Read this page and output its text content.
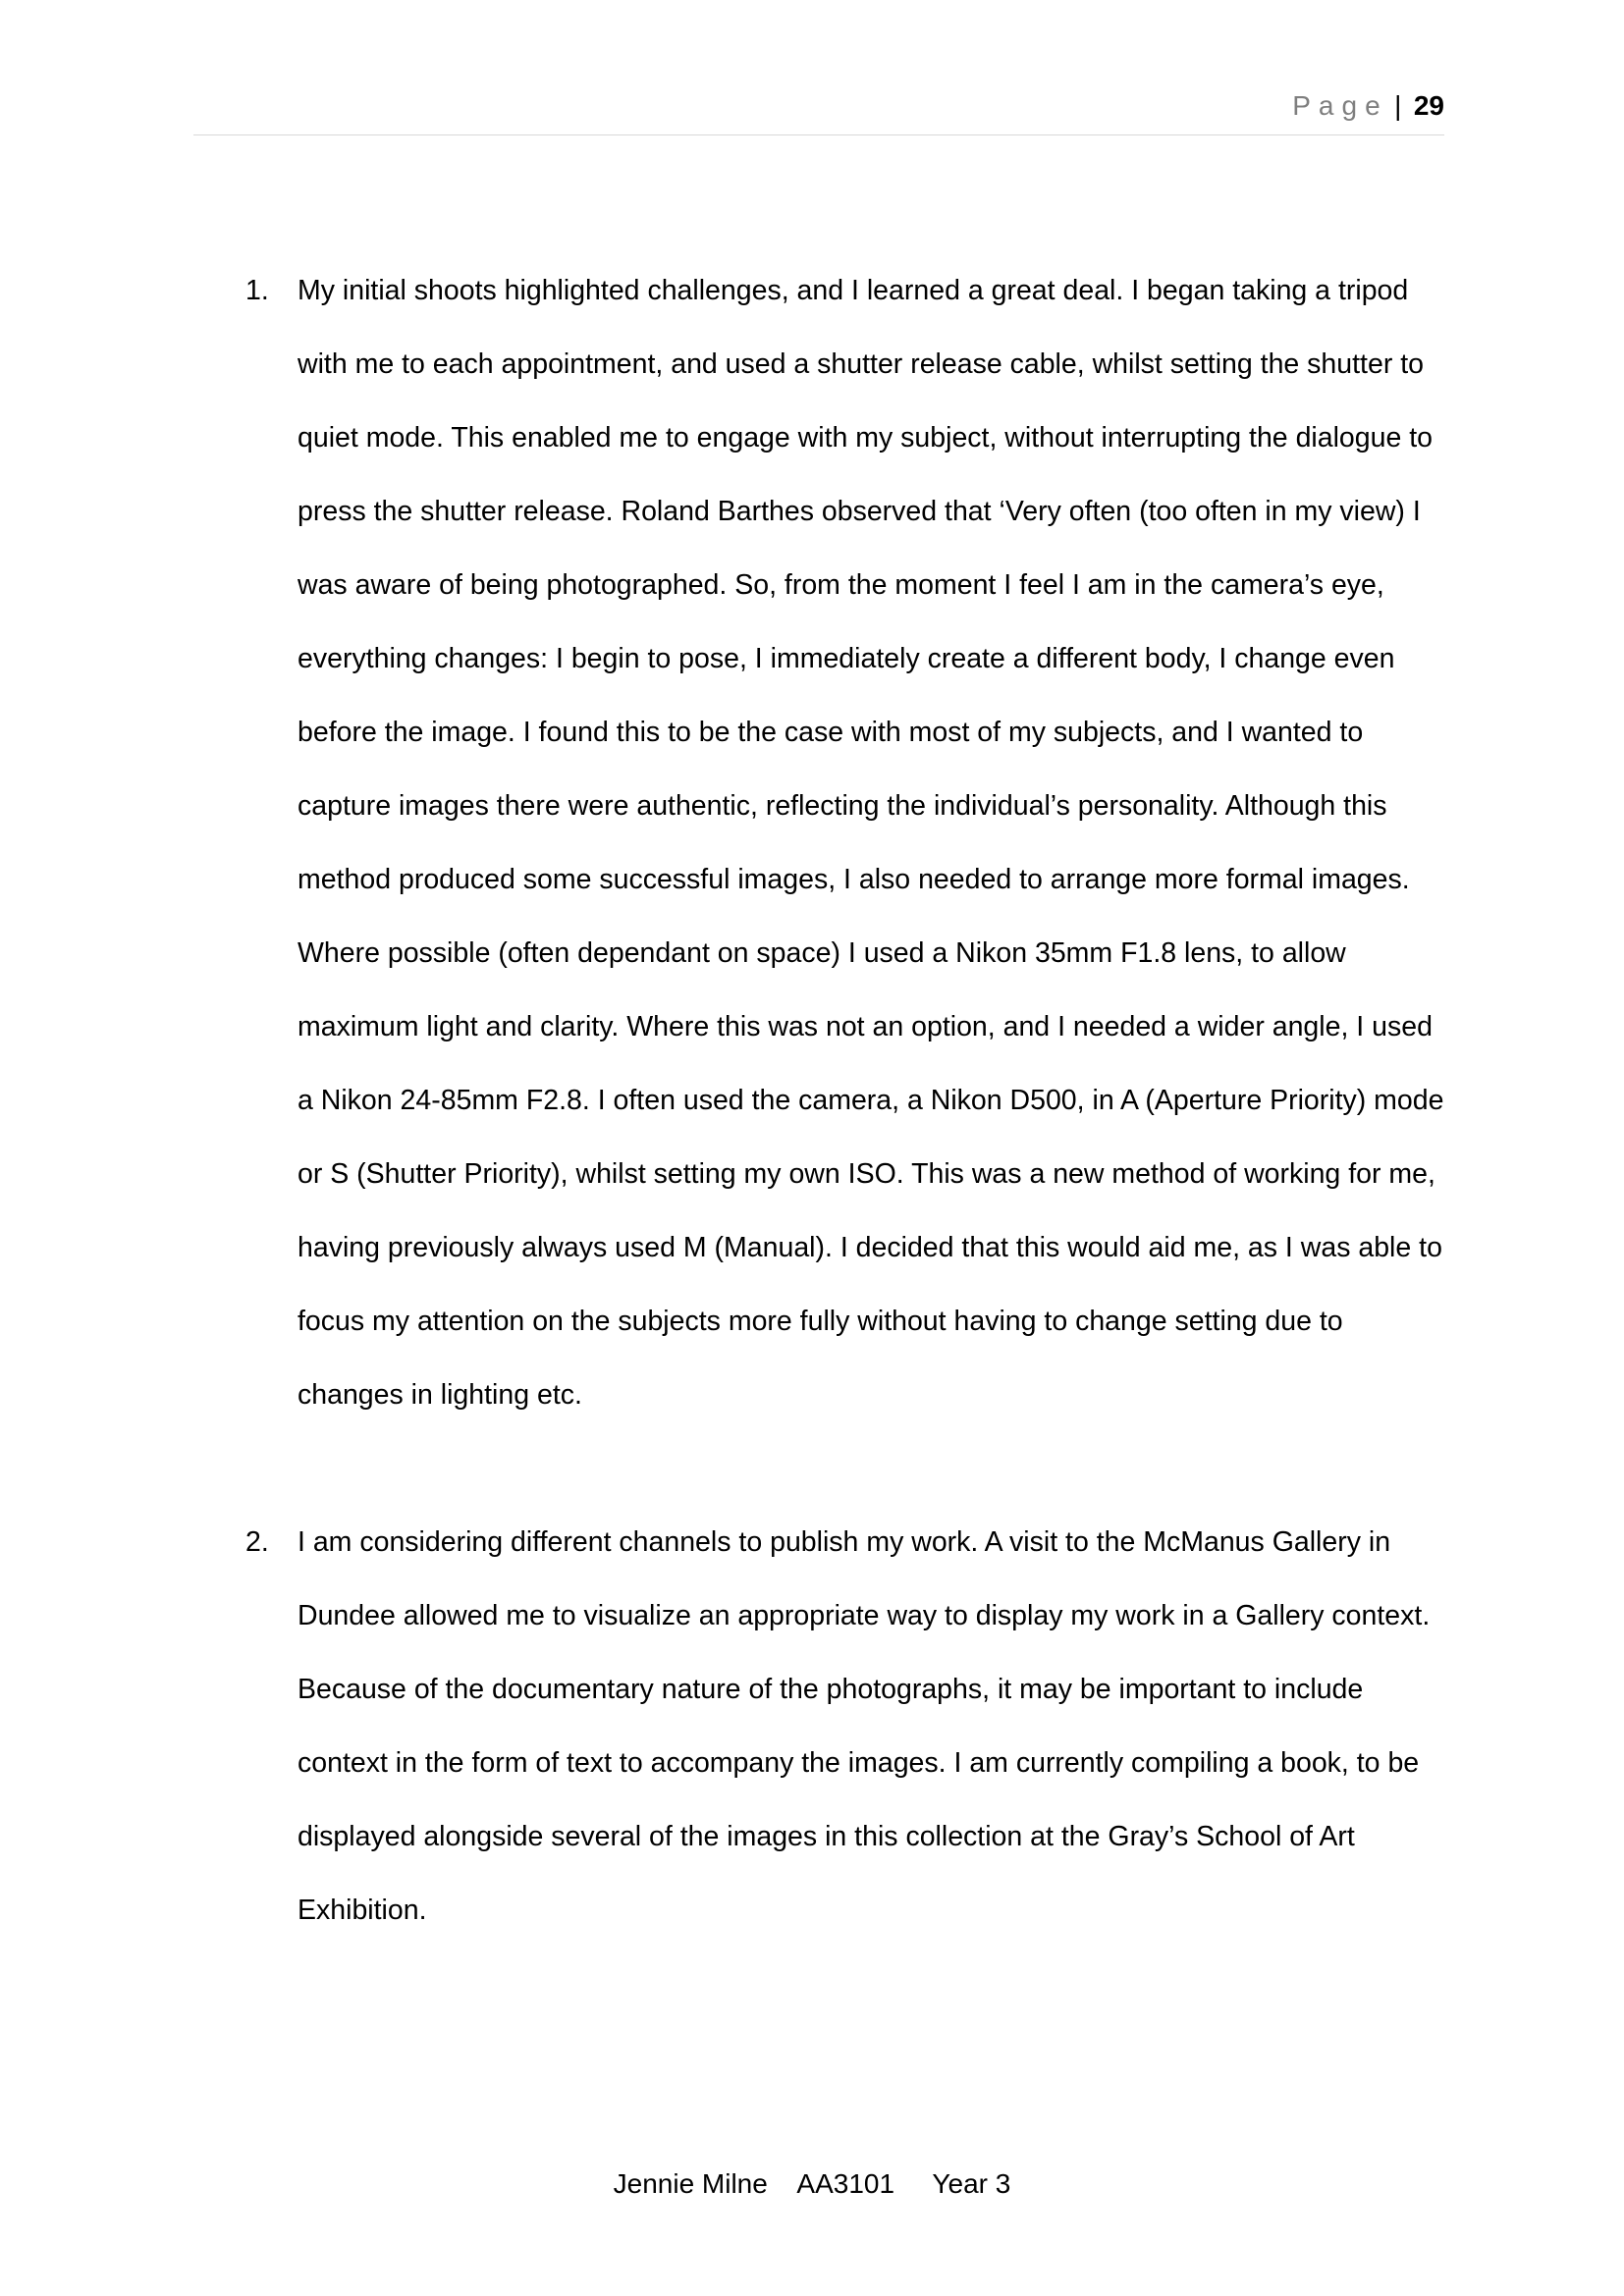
Page | 29
1. My initial shoots highlighted challenges, and I learned a great deal. I began taking a tripod with me to each appointment, and used a shutter release cable, whilst setting the shutter to quiet mode. This enabled me to engage with my subject, without interrupting the dialogue to press the shutter release. Roland Barthes observed that ‘Very often (too often in my view) I was aware of being photographed. So, from the moment I feel I am in the camera’s eye, everything changes: I begin to pose, I immediately create a different body, I change even before the image. I found this to be the case with most of my subjects, and I wanted to capture images there were authentic, reflecting the individual’s personality. Although this method produced some successful images, I also needed to arrange more formal images. Where possible (often dependant on space) I used a Nikon 35mm F1.8 lens, to allow maximum light and clarity. Where this was not an option, and I needed a wider angle, I used a Nikon 24-85mm F2.8. I often used the camera, a Nikon D500, in A (Aperture Priority) mode or S (Shutter Priority), whilst setting my own ISO. This was a new method of working for me, having previously always used M (Manual). I decided that this would aid me, as I was able to focus my attention on the subjects more fully without having to change setting due to changes in lighting etc.
2. I am considering different channels to publish my work. A visit to the McManus Gallery in Dundee allowed me to visualize an appropriate way to display my work in a Gallery context. Because of the documentary nature of the photographs, it may be important to include context in the form of text to accompany the images. I am currently compiling a book, to be displayed alongside several of the images in this collection at the Gray’s School of Art Exhibition.
Jennie Milne    AA3101     Year 3
